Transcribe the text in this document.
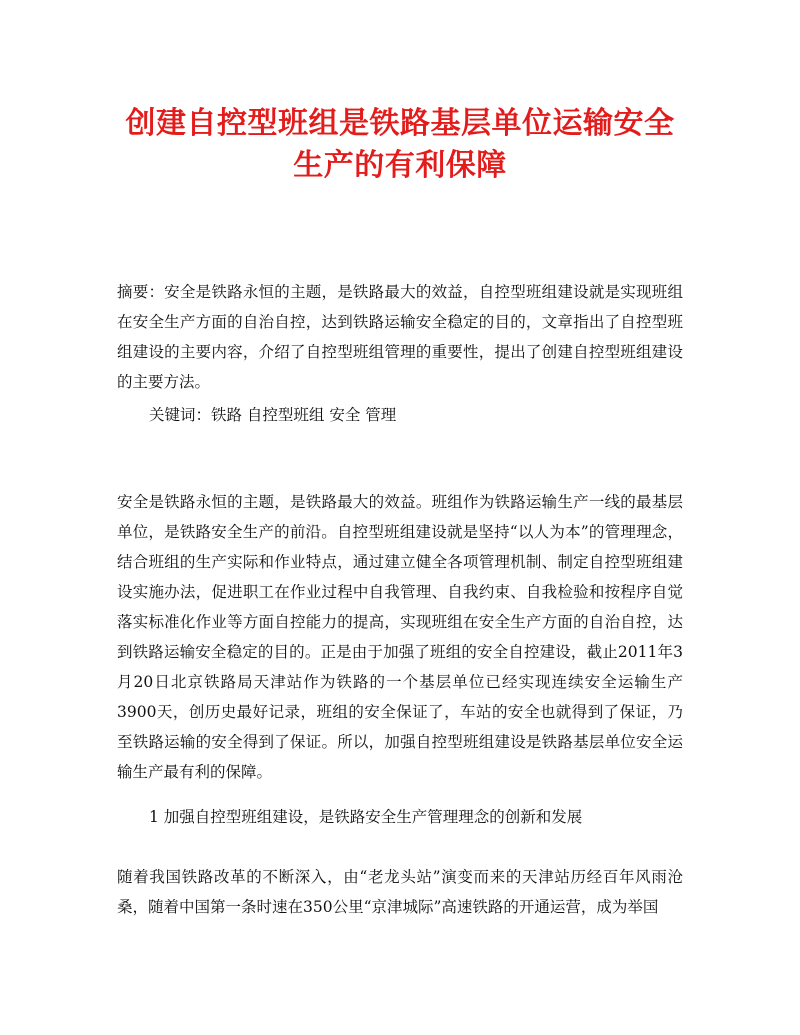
创建自控型班组是铁路基层单位运输安全生产的有利保障

摘要：安全是铁路永恒的主题，是铁路最大的效益，自控型班组建设就是实现班组在安全生产方面的自治自控，达到铁路运输安全稳定的目的，文章指出了自控型班组建设的主要内容，介绍了自控型班组管理的重要性，提出了创建自控型班组建设的主要方法。

关键词：铁路 自控型班组 安全 管理

安全是铁路永恒的主题，是铁路最大的效益。班组作为铁路运输生产一线的最基层单位，是铁路安全生产的前沿。自控型班组建设就是坚持“以人为本”的管理理念，结合班组的生产实际和作业特点，通过建立健全各项管理机制、制定自控型班组建设实施办法，促进职工在作业过程中自我管理、自我约束、自我检验和按程序自觉落实标准化作业等方面自控能力的提高，实现班组在安全生产方面的自治自控，达到铁路运输安全稳定的目的。正是由于加强了班组的安全自控建设，截止2011年3月20日北京铁路局天津站作为铁路的一个基层单位已经实现连续安全运输生产3900天，创历史最好记录，班组的安全保证了，车站的安全也就得到了保证，乃至铁路运输的安全得到了保证。所以，加强自控型班组建设是铁路基层单位安全运输生产最有利的保障。

1 加强自控型班组建设，是铁路安全生产管理理念的创新和发展

随着我国铁路改革的不断深入，由“老龙头站”演变而来的天津站历经百年风雨沧桑，随着中国第一条时速在350公里“京津城际”高速铁路的开通运营，成为举国
